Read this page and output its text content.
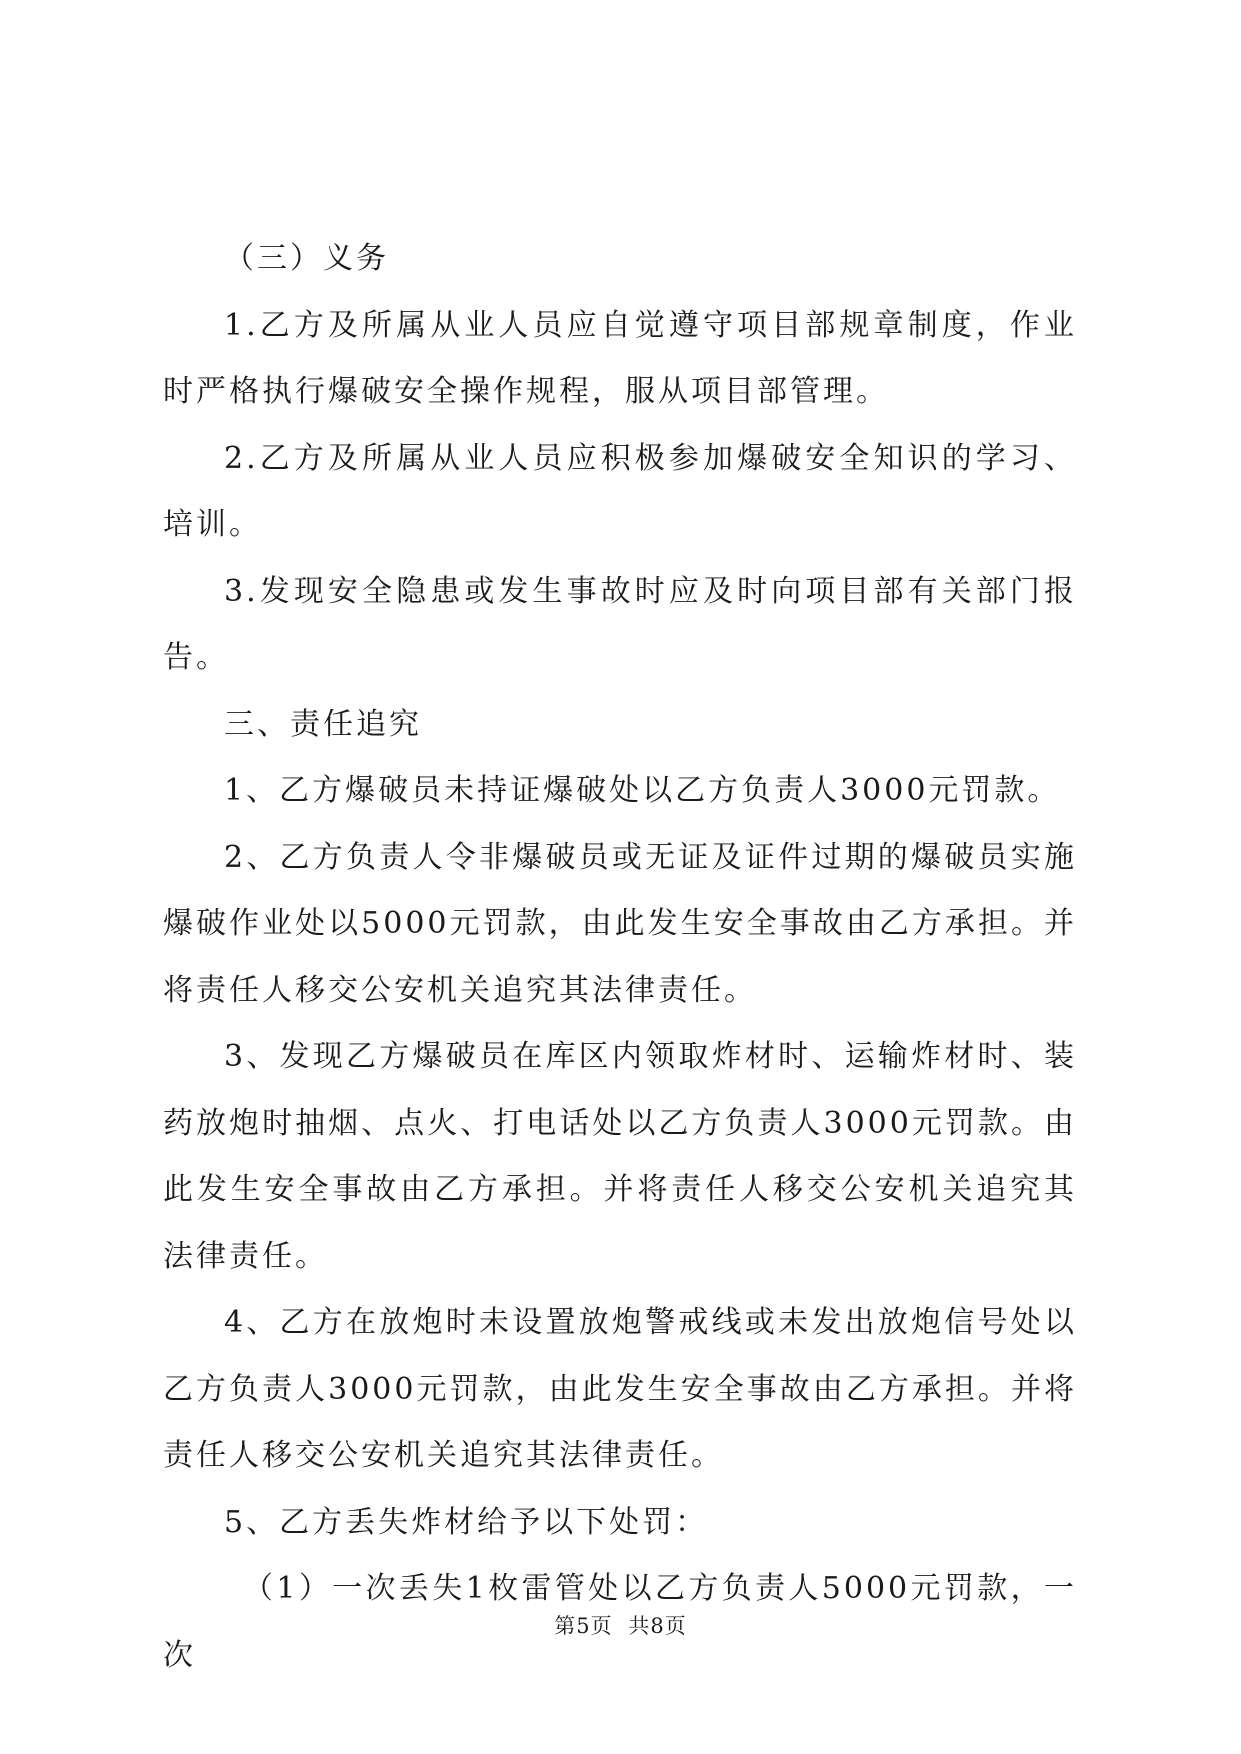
（三）义务

1.乙方及所属从业人员应自觉遵守项目部规章制度，作业时严格执行爆破安全操作规程，服从项目部管理。

2.乙方及所属从业人员应积极参加爆破安全知识的学习、培训。

3.发现安全隐患或发生事故时应及时向项目部有关部门报告。

三、责任追究

1、乙方爆破员未持证爆破处以乙方负责人3000元罚款。

2、乙方负责人令非爆破员或无证及证件过期的爆破员实施爆破作业处以5000元罚款，由此发生安全事故由乙方承担。并将责任人移交公安机关追究其法律责任。

3、发现乙方爆破员在库区内领取炸材时、运输炸材时、装药放炮时抽烟、点火、打电话处以乙方负责人3000元罚款。由此发生安全事故由乙方承担。并将责任人移交公安机关追究其法律责任。

4、乙方在放炮时未设置放炮警戒线或未发出放炮信号处以乙方负责人3000元罚款，由此发生安全事故由乙方承担。并将责任人移交公安机关追究其法律责任。

5、乙方丢失炸材给予以下处罚：

（1）一次丢失1枚雷管处以乙方负责人5000元罚款，一次

第5页 共8页
